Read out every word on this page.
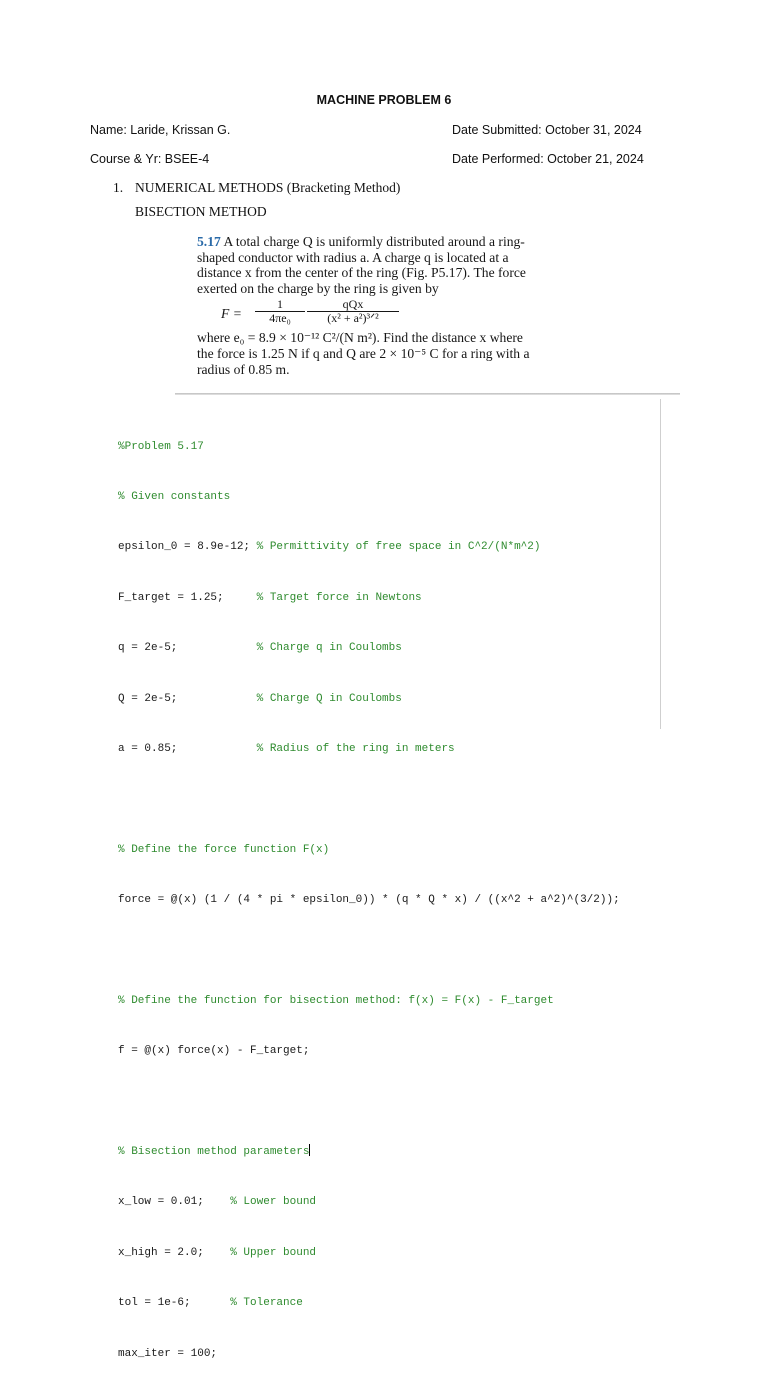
MACHINE PROBLEM 6
Name: Laride, Krissan G.	Date Submitted: October 31, 2024
Course & Yr: BSEE-4	Date Performed: October 21, 2024
1. NUMERICAL METHODS (Bracketing Method)
BISECTION METHOD
5.17 A total charge Q is uniformly distributed around a ring-
shaped conductor with radius a. A charge q is located at a
distance x from the center of the ring (Fig. P5.17). The force
exerted on the charge by the ring is given by
$F = \frac{1}{\text{4πe₀}}$	qQx
(x² + a²)³ᐟ²
where e₀ = 8.9 × 10⁻¹² C²/(N m²). Find the distance x where
the force is 1.25 N if q and Q are 2 × 10⁻⁵ C for a ring with a
radius of 0.85 m.

%Problem 5.17

% Given constants

epsilon_0 = 8.9e-12; % Permittivity of free space in C^2/(N*m^2)

F_target = 1.25;     % Target force in Newtons

q = 2e-5;            % Charge q in Coulombs

Q = 2e-5;            % Charge Q in Coulombs

a = 0.85;            % Radius of the ring in meters

% Define the force function F(x)

force = @(x) (1 / (4 * pi * epsilon_0)) * (q * Q * x) / ((x^2 + a^2)^(3/2));

% Define the function for bisection method: f(x) = F(x) - F_target

f = @(x) force(x) - F_target;

% Bisection method parameters

x_low = 0.01;    % Lower bound

x_high = 2.0;    % Upper bound

tol = 1e-6;      % Tolerance

max_iter = 100;
